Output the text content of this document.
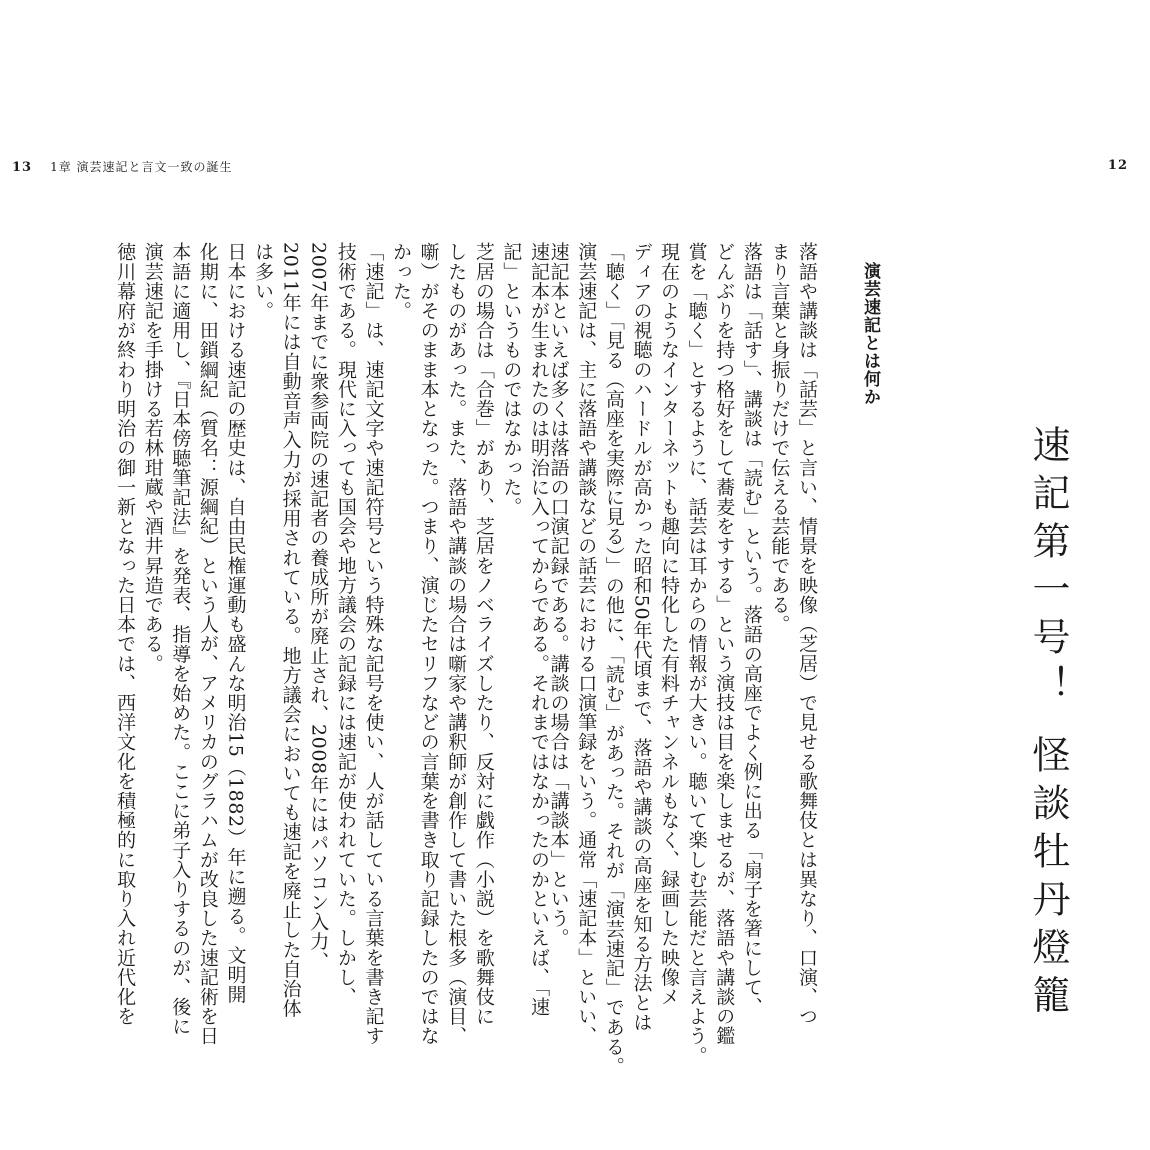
13 1章 演芸速記と言文一致の誕生	12

速記本が生まれたのは明治に入ってからである。それまではなかったのかといえば、「速

記」というものではなかった。

芝居の場合は「合巻」があり、芝居をノベライズしたり、反対に戯作（小説）を歌舞伎に

したものがあった。また、落語や講談の場合は噺家や講釈師が創作して書いた根多（演目、

噺）がそのまま本となった。つまり、演じたセリフなどの言葉を書き取り記録したのではな

かった。

「速記」は、速記文字や速記符号という特殊な記号を使い、人が話している言葉を書き記す

技術である。現代に入っても国会や地方議会の記録には速記が使われていた。しかし、

2007年までに衆参両院の速記者の養成所が廃止され、2008年にはパソコン入力、

2011年には自動音声入力が採用されている。地方議会においても速記を廃止した自治体

は多い。

日本における速記の歴史は、自由民権運動も盛んな明治15（1882）年に遡る。文明開

化期に、田鎖綱紀（質名：源綱紀）という人が、アメリカのグラハムが改良した速記術を日

本語に適用し、『日本傍聴筆記法』を発表、指導を始めた。ここに弟子入りするのが、後に

演芸速記を手掛ける若林玵蔵や酒井昇造である。

徳川幕府が終わり明治の御一新となった日本では、西洋文化を積極的に取り入れ近代化を	速記第一号！ 怪談牡丹燈籠
演芸速記とは何か

落語や講談は「話芸」と言い、情景を映像（芝居）で見せる歌舞伎とは異なり、口演、つ

まり言葉と身振りだけで伝える芸能である。

落語は「話す」、講談は「読む」という。落語の高座でよく例に出る「扇子を箸にして、

どんぶりを持つ格好をして蕎麦をすする」という演技は目を楽しませるが、落語や講談の鑑

賞を「聴く」とするように、話芸は耳からの情報が大きい。聴いて楽しむ芸能だと言えよう。

現在のようなインターネットも趣向に特化した有料チャンネルもなく、録画した映像メ

ディアの視聴のハードルが高かった昭和50年代頃まで、落語や講談の高座を知る方法とは

「聴く」「見る（高座を実際に見る）」の他に、「読む」があった。それが「演芸速記」である。

演芸速記は、主に落語や講談などの話芸における口演筆録をいう。通常「速記本」といい、

速記本といえば多くは落語の口演記録である。講談の場合は「講談本」という。
